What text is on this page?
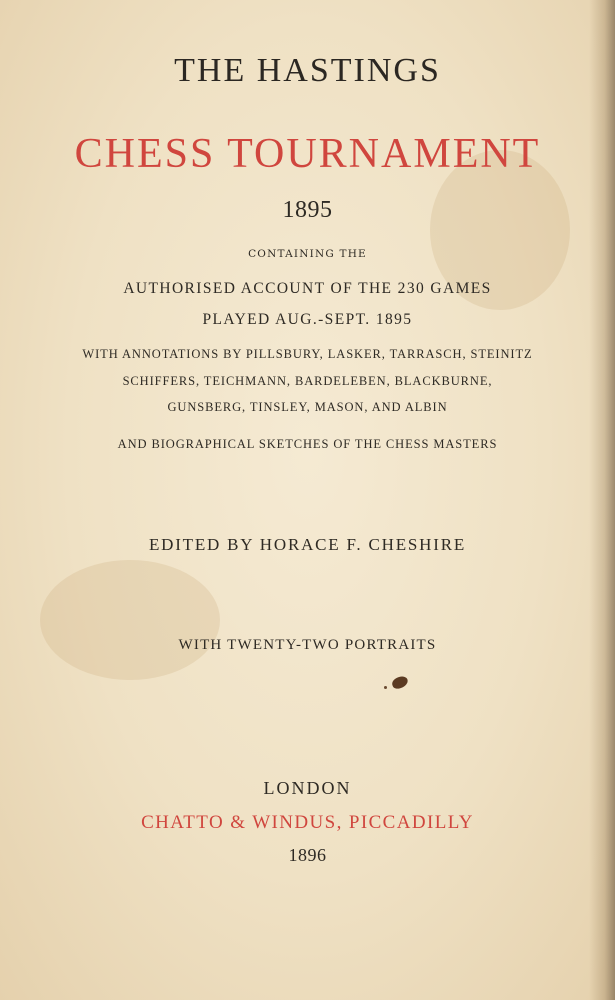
THE HASTINGS
CHESS TOURNAMENT
1895
CONTAINING THE
AUTHORISED ACCOUNT OF THE 230 GAMES
PLAYED AUG.-SEPT. 1895
WITH ANNOTATIONS BY PILLSBURY, LASKER, TARRASCH, STEINITZ
SCHIFFERS, TEICHMANN, BARDELEBEN, BLACKBURNE,
GUNSBERG, TINSLEY, MASON, AND ALBIN
AND BIOGRAPHICAL SKETCHES OF THE CHESS MASTERS
EDITED BY HORACE F. CHESHIRE
WITH TWENTY-TWO PORTRAITS
LONDON
CHATTO & WINDUS, PICCADILLY
1896
